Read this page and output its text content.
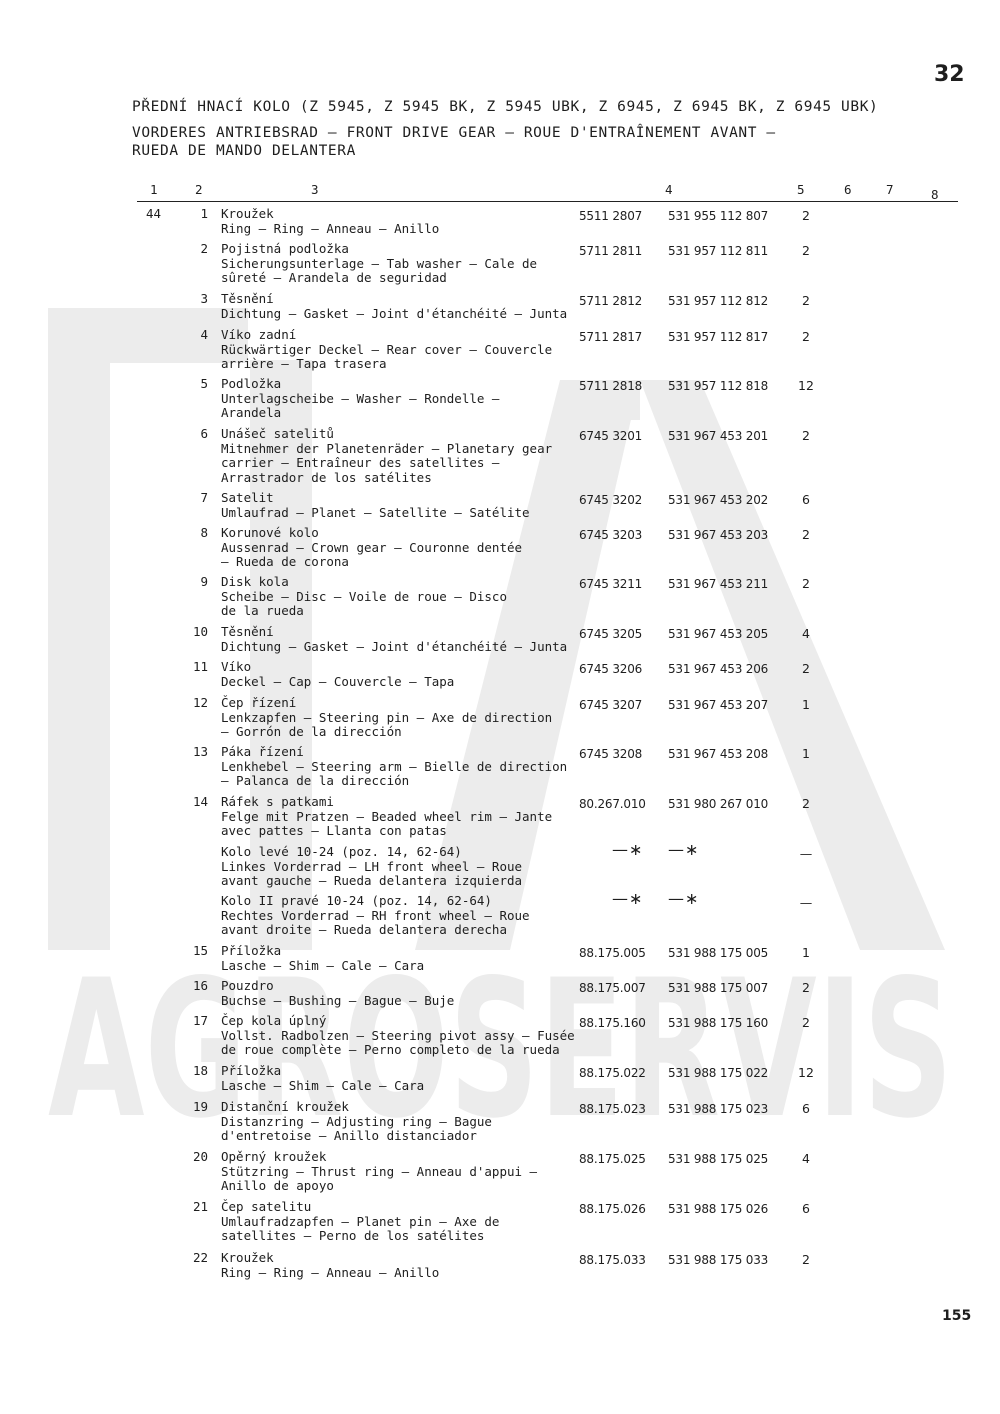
AGROSERVIS
32
PŘEDNÍ HNACÍ KOLO (Z 5945, Z 5945 BK, Z 5945 UBK, Z 6945, Z 6945 BK, Z 6945 UBK)
VORDERES ANTRIEBSRAD — FRONT DRIVE GEAR — ROUE D'ENTRAÎNEMENT AVANT —
RUEDA DE MANDO DELANTERA
1	2	3	4	5	6	7	8
44	1 Kroužek
Ring — Ring — Anneau — Anillo
5511 2807	531 955 112 807	2
2 Pojistná podložka
Sicherungsunterlage — Tab washer — Cale de
sûreté — Arandela de seguridad
5711 2811	531 957 112 811	2
3 Těsnění
Dichtung — Gasket — Joint d'étanchéité — Junta
5711 2812	531 957 112 812	2
4 Víko zadní
Rückwärtiger Deckel — Rear cover — Couvercle
arrière — Tapa trasera
5711 2817	531 957 112 817	2
5 Podložka
Unterlagscheibe — Washer — Rondelle —
Arandela
5711 2818	531 957 112 818	12
6 Unášeč satelitů
Mitnehmer der Planetenräder — Planetary gear
carrier — Entraîneur des satellites —
Arrastrador de los satélites
6745 3201	531 967 453 201	2
7 Satelit
Umlaufrad — Planet — Satellite — Satélite
6745 3202	531 967 453 202	6
8 Korunové kolo
Aussenrad — Crown gear — Couronne dentée
— Rueda de corona
6745 3203	531 967 453 203	2
9 Disk kola
Scheibe — Disc — Voile de roue — Disco
de la rueda
6745 3211	531 967 453 211	2
10 Těsnění
Dichtung — Gasket — Joint d'étanchéité — Junta
6745 3205	531 967 453 205	4
11 Víko
Deckel — Cap — Couvercle — Tapa
6745 3206	531 967 453 206	2
12 Čep řízení
Lenkzapfen — Steering pin — Axe de direction
— Gorrón de la dirección
6745 3207	531 967 453 207	1
13 Páka řízení
Lenkhebel — Steering arm — Bielle de direction
— Palanca de la dirección
6745 3208	531 967 453 208	1
14 Ráfek s patkami
Felge mit Pratzen — Beaded wheel rim — Jante
avec pattes — Llanta con patas
80.267.010	531 980 267 010	2
Kolo levé 10-24 (poz. 14, 62-64)
Linkes Vorderrad — LH front wheel — Roue
avant gauche — Rueda delantera izquierda
—∗	—∗	—
Kolo II pravé 10-24 (poz. 14, 62-64)
Rechtes Vorderrad — RH front wheel — Roue
avant droite — Rueda delantera derecha
—∗	—∗	—
15 Příložka
Lasche — Shim — Cale — Cara
88.175.005	531 988 175 005	1
16 Pouzdro
Buchse — Bushing — Bague — Buje
88.175.007	531 988 175 007	2
17 Čep kola úplný
Vollst. Radbolzen — Steering pivot assy — Fusée
de roue complète — Perno completo de la rueda
88.175.160	531 988 175 160	2
18 Příložka
Lasche — Shim — Cale — Cara
88.175.022	531 988 175 022	12
19 Distanční kroužek
Distanzring — Adjusting ring — Bague
d'entretoise — Anillo distanciador
88.175.023	531 988 175 023	6
20 Opěrný kroužek
Stützring — Thrust ring — Anneau d'appui —
Anillo de apoyo
88.175.025	531 988 175 025	4
21 Čep satelitu
Umlaufradzapfen — Planet pin — Axe de
satellites — Perno de los satélites
88.175.026	531 988 175 026	6
22 Kroužek
Ring — Ring — Anneau — Anillo
88.175.033	531 988 175 033	2
155
